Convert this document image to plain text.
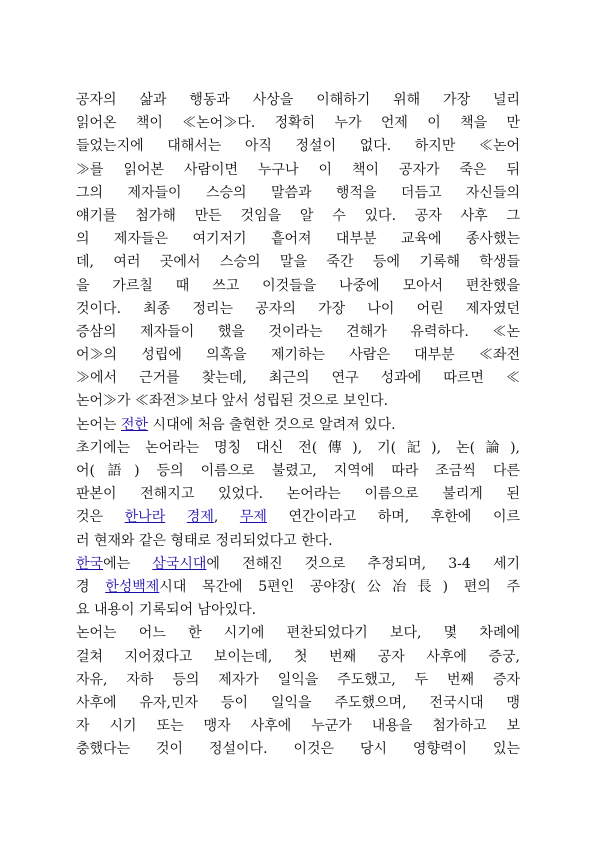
공자의 삶과 행동과 사상을 이해하기 위해 가장 널리
읽어온 책이 ≪논어≫다. 정확히 누가 언제 이 책을 만
들었는지에 대해서는 아직 정설이 없다. 하지만 ≪논어
≫를 읽어본 사람이면 누구나 이 책이 공자가 죽은 뒤
그의 제자들이 스승의 말씀과 행적을 더듬고 자신들의
얘기를 첨가해 만든 것임을 알 수 있다. 공자 사후 그
의 제자들은 여기저기 흩어져 대부분 교육에 종사했는
데, 여러 곳에서 스승의 말을 죽간 등에 기록해 학생들
을 가르칠 때 쓰고 이것들을 나중에 모아서 편찬했을
것이다. 최종 정리는 공자의 가장 나이 어린 제자였던
증삼의 제자들이 했을 것이라는 견해가 유력하다. ≪논
어≫의 성립에 의혹을 제기하는 사람은 대부분 ≪좌전
≫에서 근거를 찾는데, 최근의 연구 성과에 따르면 ≪
논어≫가 ≪좌전≫보다 앞서 성립된 것으로 보인다.
논어는 전한 시대에 처음 출현한 것으로 알려져 있다.
초기에는 논어라는 명칭 대신 전(傳), 기(記), 논(論),
어(語) 등의 이름으로 불렸고, 지역에 따라 조금씩 다른
판본이 전해지고 있었다. 논어라는 이름으로 불리게 된
것은 한나라 경제, 무제 연간이라고 하며, 후한에 이르
러 현재와 같은 형태로 정리되었다고 한다.
한국에는 삼국시대에 전해진 것으로 추정되며, 3-4 세기
경 한성백제시대 목간에 5편인 공야장(公冶長) 편의 주
요 내용이 기록되어 남아있다.
논어는 어느 한 시기에 편찬되었다기 보다, 몇 차례에
걸쳐 지어졌다고 보이는데, 첫 번째 공자 사후에 증궁,
자유, 자하 등의 제자가 일익을 주도했고, 두 번째 증자
사후에 유자,민자 등이 일익을 주도했으며, 전국시대 맹
자 시기 또는 맹자 사후에 누군가 내용을 첨가하고 보
충했다는 것이 정설이다. 이것은 당시 영향력이 있는
